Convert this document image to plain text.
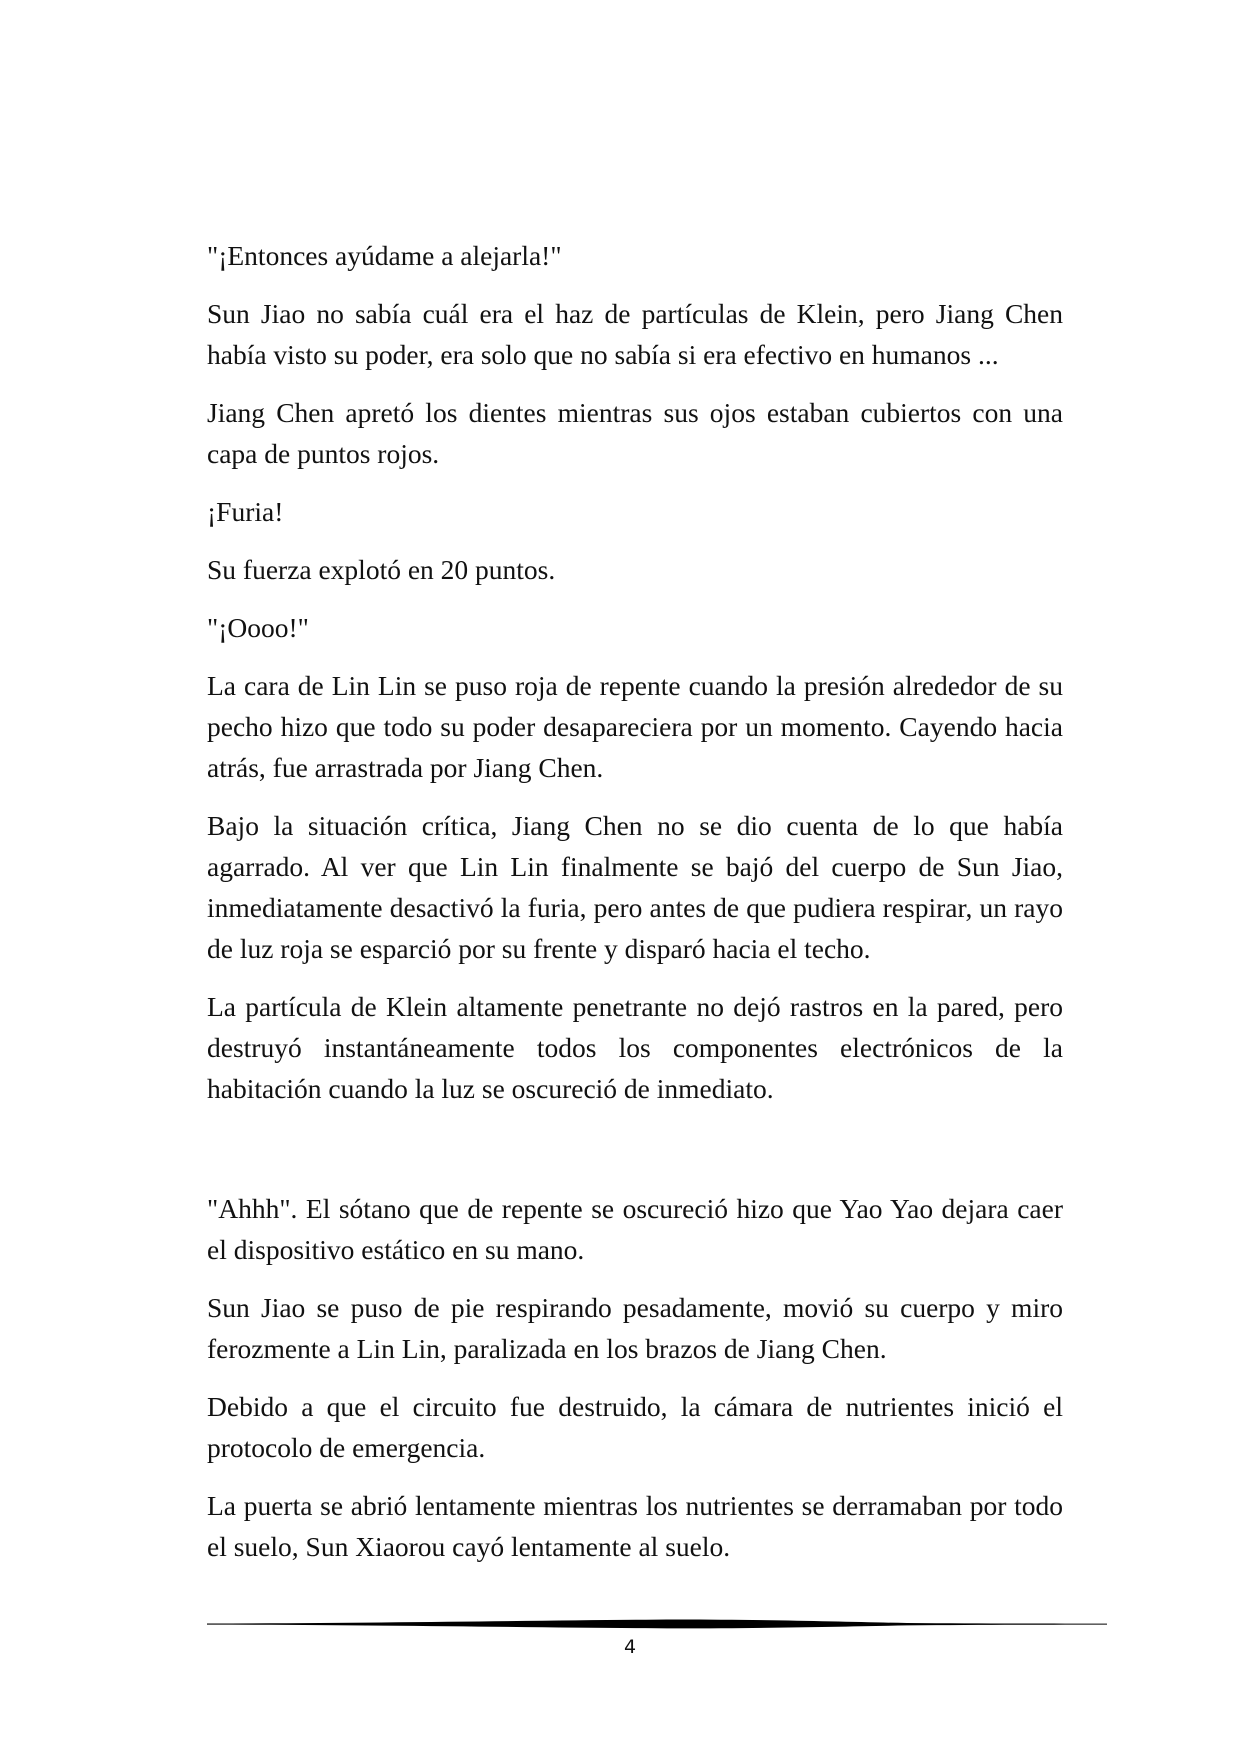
"¡Entonces ayúdame a alejarla!"

Sun Jiao no sabía cuál era el haz de partículas de Klein, pero Jiang Chen había visto su poder, era solo que no sabía si era efectivo en humanos ...

Jiang Chen apretó los dientes mientras sus ojos estaban cubiertos con una capa de puntos rojos.

¡Furia!

Su fuerza explotó en 20 puntos.

"¡Oooo!"

La cara de Lin Lin se puso roja de repente cuando la presión alrededor de su pecho hizo que todo su poder desapareciera por un momento. Cayendo hacia atrás, fue arrastrada por Jiang Chen.

Bajo la situación crítica, Jiang Chen no se dio cuenta de lo que había agarrado. Al ver que Lin Lin finalmente se bajó del cuerpo de Sun Jiao, inmediatamente desactivó la furia, pero antes de que pudiera respirar, un rayo de luz roja se esparció por su frente y disparó hacia el techo.

La partícula de Klein altamente penetrante no dejó rastros en la pared, pero destruyó instantáneamente todos los componentes electrónicos de la habitación cuando la luz se oscureció de inmediato.

"Ahhh". El sótano que de repente se oscureció hizo que Yao Yao dejara caer el dispositivo estático en su mano.

Sun Jiao se puso de pie respirando pesadamente, movió su cuerpo y miro ferozmente a Lin Lin, paralizada en los brazos de Jiang Chen.

Debido a que el circuito fue destruido, la cámara de nutrientes inició el protocolo de emergencia.

La puerta se abrió lentamente mientras los nutrientes se derramaban por todo el suelo, Sun Xiaorou cayó lentamente al suelo.

4
